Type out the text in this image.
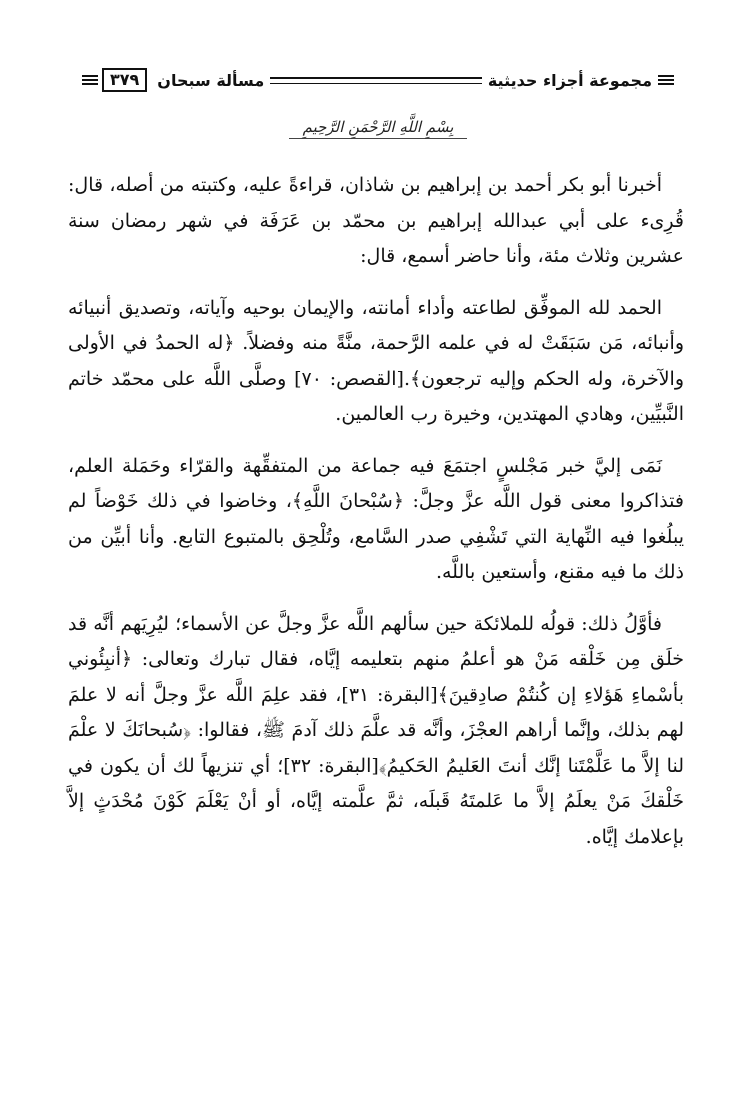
مجموعة أجزاء حديثية
مسألة سبحان
٣٧٩
بِسْمِ اللَّهِ الرَّحْمَنِ الرَّحِيمِ

أخبرنا أبو بكر أحمد بن إبراهيم بن شاذان، قراءةً عليه، وكتبته من أصله، قال: قُرِىء على أبي عبدالله إبراهيم بن محمّد بن عَرَفَة في شهر رمضان سنة عشرين وثلاث مئة، وأنا حاضر أسمع، قال:

الحمد لله الموفِّق لطاعته وأداء أمانته، والإيمان بوحيه وآياته، وتصديق أنبيائه وأنبائه، مَن سَبَقَتْ له في علمه الرَّحمة، منَّةً منه وفضلاً. ﴿له الحمدُ في الأولى والآخرة، وله الحكم وإليه ترجعون﴾.[القصص: ٧٠] وصلَّى اللَّه على محمّد خاتم النَّبيِّين، وهادي المهتدين، وخيرة رب العالمين.

نَمَى إليَّ خبر مَجْلسٍ اجتمَعَ فيه جماعة من المتفقِّهة والقرّاء وحَمَلة العلم، فتذاكروا معنى قول اللَّه عزَّ وجلَّ: ﴿سُبْحانَ اللَّهِ﴾، وخاضوا في ذلك خَوْضاً لم يبلُغوا فيه النِّهاية التي تَشْفِي صدر السَّامع، وتُلْحِق بالمتبوع التابع. وأنا أبيِّن من ذلك ما فيه مقنع، وأستعين باللَّه.

فأوَّلُ ذلك: قولُه للملائكة حين سألهم اللَّه عزَّ وجلَّ عن الأسماء؛ ليُرِيَهم أنَّه قد خلَق مِن خَلْقه مَنْ هو أعلمُ منهم بتعليمه إيَّاه، فقال تبارك وتعالى: ﴿أنبِئُوني بأسْماءِ هَؤلاءِ إن كُنتُمْ صادِقينَ﴾[البقرة: ٣١]، فقد علِمَ اللَّه عزَّ وجلَّ أنه لا علمَ لهم بذلك، وإنَّما أراهم العجْزَ، وأنَّه قد علَّمَ ذلك آدمَ ﷺ، فقالوا: ﴿سُبحانَكَ لا علْمَ لنا إلاَّ ما عَلَّمْتَنا إنَّك أنتَ العَليمُ الحَكيمُ﴾[البقرة: ٣٢]؛ أي تنزيهاً لك أن يكون في خَلْقكَ مَنْ يعلَمُ إلاَّ ما عَلمتَهُ قَبلَه، ثمَّ علَّمته إيَّاه، أو أنْ يَعْلَمَ كَوْنَ مُحْدَثٍ إلاَّ بإعلامك إيَّاه.
